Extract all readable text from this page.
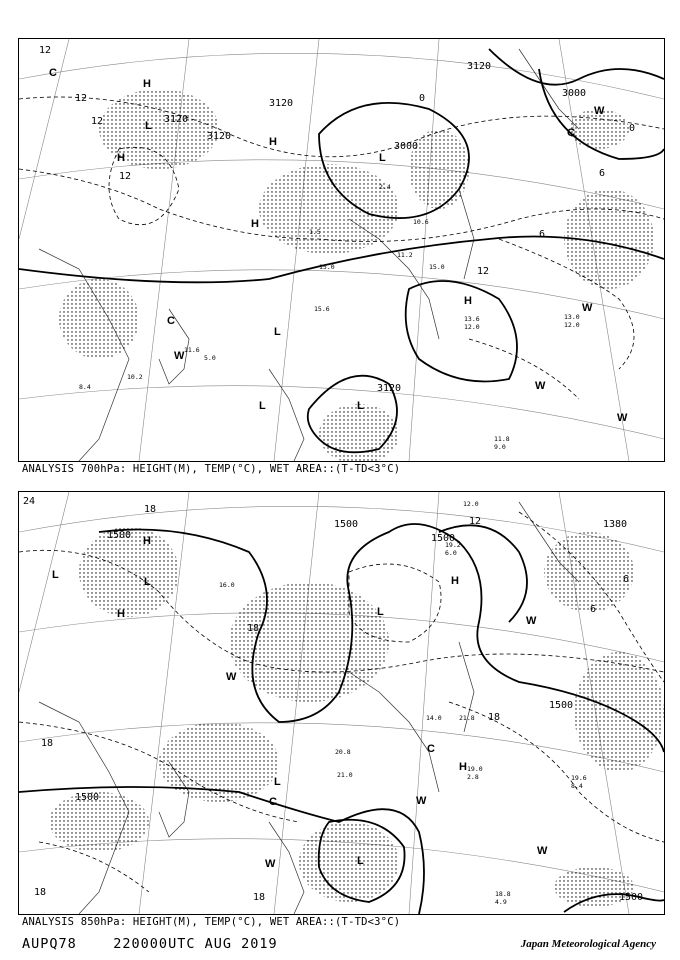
3120
3120
3120
3000
3000
3120
3120
H
L
H
H
L
L
H
H
L
C
C
W
W
C
W
W
W
L
12
12
12
6
0
0
12	6
12
11.8
9.0
13.6
12.0
2.4
1.5
10.6
11.2
15.0
10.2
8.4
11.6
5.0
15.6
15.0
13.0
12.0
ANALYSIS 700hPa: HEIGHT(M), TEMP(°C), WET AREA::(T-TD<3°C)
1500
1500
1500
1500
1500
1500
1380
H
L
H
L
L
H
L
L
W
W
W
W
C
C
H
W
24
18
18
18
18
12
6
6
18
18	18.8
4.9
19.6
8.4
20.8
19.0
2.8
21.0
19.2
6.0
21.8
14.0
12.0
16.0
ANALYSIS 850hPa: HEIGHT(M), TEMP(°C), WET AREA::(T-TD<3°C)
AUPQ78	220000UTC AUG 2019	Japan Meteorological Agency
